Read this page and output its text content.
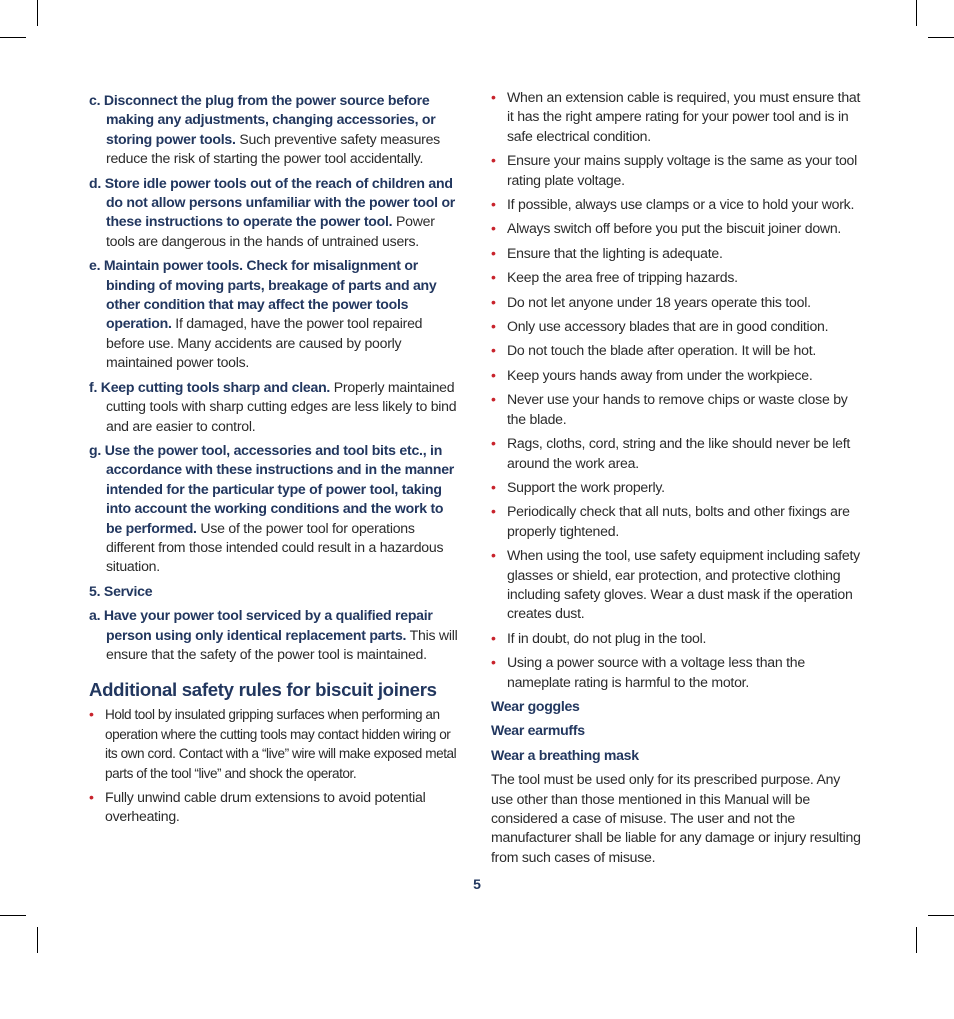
c. Disconnect the plug from the power source before making any adjustments, changing accessories, or storing power tools. Such preventive safety measures reduce the risk of starting the power tool accidentally.
d. Store idle power tools out of the reach of children and do not allow persons unfamiliar with the power tool or these instructions to operate the power tool. Power tools are dangerous in the hands of untrained users.
e. Maintain power tools. Check for misalignment or binding of moving parts, breakage of parts and any other condition that may affect the power tools operation. If damaged, have the power tool repaired before use. Many accidents are caused by poorly maintained power tools.
f. Keep cutting tools sharp and clean. Properly maintained cutting tools with sharp cutting edges are less likely to bind and are easier to control.
g. Use the power tool, accessories and tool bits etc., in accordance with these instructions and in the manner intended for the particular type of power tool, taking into account the working conditions and the work to be performed. Use of the power tool for operations different from those intended could result in a hazardous situation.
5. Service
a. Have your power tool serviced by a qualified repair person using only identical replacement parts. This will ensure that the safety of the power tool is maintained.
Additional safety rules for biscuit joiners
• Hold tool by insulated gripping surfaces when performing an operation where the cutting tools may contact hidden wiring or its own cord. Contact with a “live” wire will make exposed metal parts of the tool “live” and shock the operator.
• Fully unwind cable drum extensions to avoid potential overheating.
• When an extension cable is required, you must ensure that it has the right ampere rating for your power tool and is in safe electrical condition.
• Ensure your mains supply voltage is the same as your tool rating plate voltage.
• If possible, always use clamps or a vice to hold your work.
• Always switch off before you put the biscuit joiner down.
• Ensure that the lighting is adequate.
• Keep the area free of tripping hazards.
• Do not let anyone under 18 years operate this tool.
• Only use accessory blades that are in good condition.
• Do not touch the blade after operation. It will be hot.
• Keep yours hands away from under the workpiece.
• Never use your hands to remove chips or waste close by the blade.
• Rags, cloths, cord, string and the like should never be left around the work area.
• Support the work properly.
• Periodically check that all nuts, bolts and other fixings are properly tightened.
• When using the tool, use safety equipment including safety glasses or shield, ear protection, and protective clothing including safety gloves. Wear a dust mask if the operation creates dust.
• If in doubt, do not plug in the tool.
• Using a power source with a voltage less than the nameplate rating is harmful to the motor.
Wear goggles
Wear earmuffs
Wear a breathing mask
The tool must be used only for its prescribed purpose. Any use other than those mentioned in this Manual will be considered a case of misuse. The user and not the manufacturer shall be liable for any damage or injury resulting from such cases of misuse.
5
